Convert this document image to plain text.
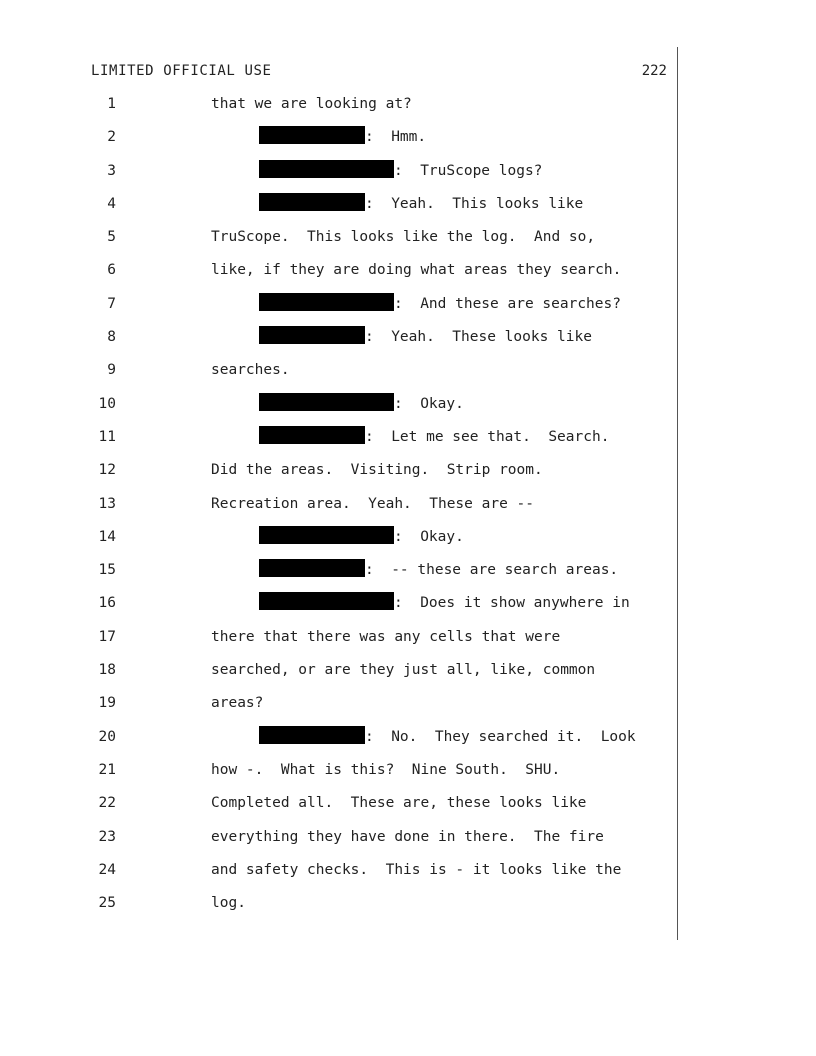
LIMITED OFFICIAL USE	222
1	that we are looking at?
2	:  Hmm.
3	:  TruScope logs?
4	:  Yeah.  This looks like
5	TruScope.  This looks like the log.  And so,
6	like, if they are doing what areas they search.
7	:  And these are searches?
8	:  Yeah.  These looks like
9	searches.
10	:  Okay.
11	:  Let me see that.  Search.
12	Did the areas.  Visiting.  Strip room.
13	Recreation area.  Yeah.  These are --
14	:  Okay.
15	:  -- these are search areas.
16	:  Does it show anywhere in
17	there that there was any cells that were
18	searched, or are they just all, like, common
19	areas?
20	:  No.  They searched it.  Look
21	how -.  What is this?  Nine South.  SHU.
22	Completed all.  These are, these looks like
23	everything they have done in there.  The fire
24	and safety checks.  This is - it looks like the
25	log.
